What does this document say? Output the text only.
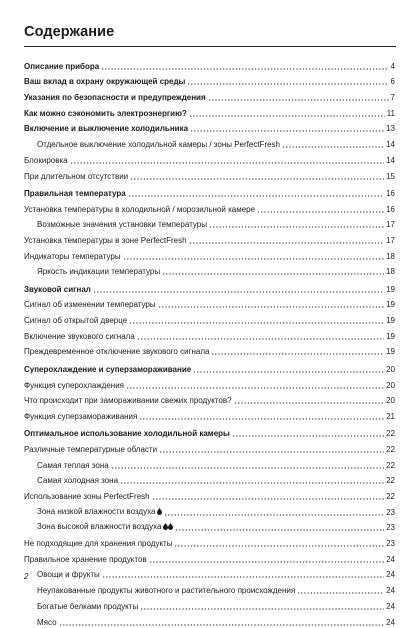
Содержание
Описание прибора	4
Ваш вклад в охрану окружающей среды	6
Указания по безопасности и предупреждения	7
Как можно сэкономить электроэнергию?	11
Включение и выключение холодильника	13
Отдельное выключение холодильной камеры / зоны PerfectFresh	14
Блокировка	14
При длительном отсутствии	15
Правильная температура	16
Установка температуры в холодильной / морозильной камере	16
Возможные значения установки температуры	17
Установка температуры в зоне PerfectFresh	17
Индикаторы температуры	18
Яркость индикации температуры	18
Звуковой сигнал	19
Сигнал об изменении температуры	19
Сигнал об открытой дверце	19
Включение звукового сигнала	19
Преждевременное отключение звукового сигнала	19
Суперохлаждение и суперзамораживание	20
Функция суперохлаждения	20
Что происходит при замораживании свежих продуктов?	20
Функция суперзамораживания	21
Оптимальное использование холодильной камеры	22
Различные температурные области	22
Самая теплая зона	22
Самая холодная зона	22
Использование зоны PerfectFresh	22
Зона низкой влажности воздуха	23
Зона высокой влажности воздуха	23
Не подходящие для хранения продукты	23
Правильное хранение продуктов	24
Овощи и фрукты	24
Неупакованные продукты животного и растительного происхождения	24
Богатые белками продукты	24
Мясо	24
2
